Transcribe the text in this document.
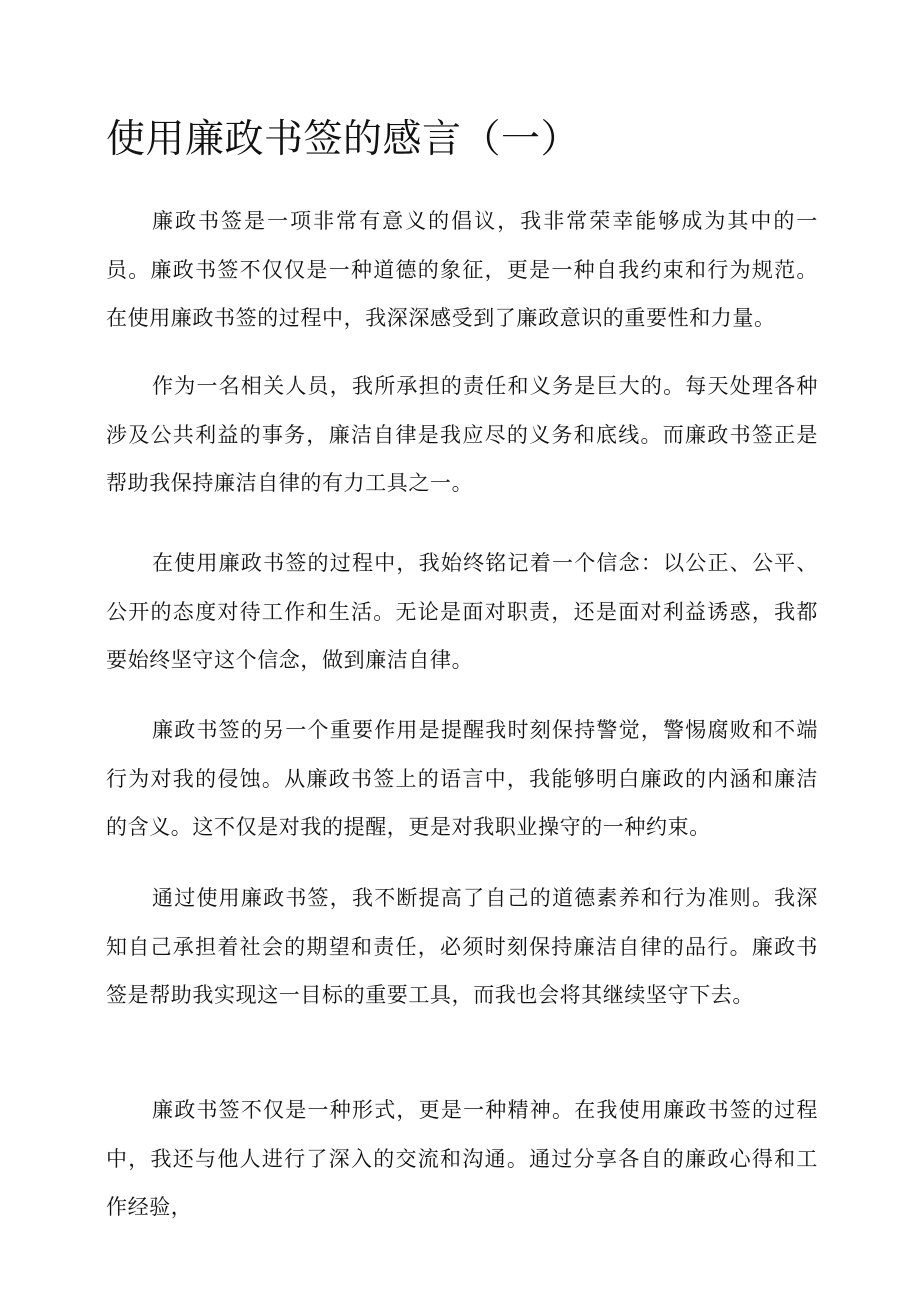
使用廉政书签的感言（一）

廉政书签是一项非常有意义的倡议，我非常荣幸能够成为其中的一员。廉政书签不仅仅是一种道德的象征，更是一种自我约束和行为规范。在使用廉政书签的过程中，我深深感受到了廉政意识的重要性和力量。

作为一名相关人员，我所承担的责任和义务是巨大的。每天处理各种涉及公共利益的事务，廉洁自律是我应尽的义务和底线。而廉政书签正是帮助我保持廉洁自律的有力工具之一。

在使用廉政书签的过程中，我始终铭记着一个信念：以公正、公平、公开的态度对待工作和生活。无论是面对职责，还是面对利益诱惑，我都要始终坚守这个信念，做到廉洁自律。

廉政书签的另一个重要作用是提醒我时刻保持警觉，警惕腐败和不端行为对我的侵蚀。从廉政书签上的语言中，我能够明白廉政的内涵和廉洁的含义。这不仅是对我的提醒，更是对我职业操守的一种约束。

通过使用廉政书签，我不断提高了自己的道德素养和行为准则。我深知自己承担着社会的期望和责任，必须时刻保持廉洁自律的品行。廉政书签是帮助我实现这一目标的重要工具，而我也会将其继续坚守下去。

廉政书签不仅是一种形式，更是一种精神。在我使用廉政书签的过程中，我还与他人进行了深入的交流和沟通。通过分享各自的廉政心得和工作经验，
